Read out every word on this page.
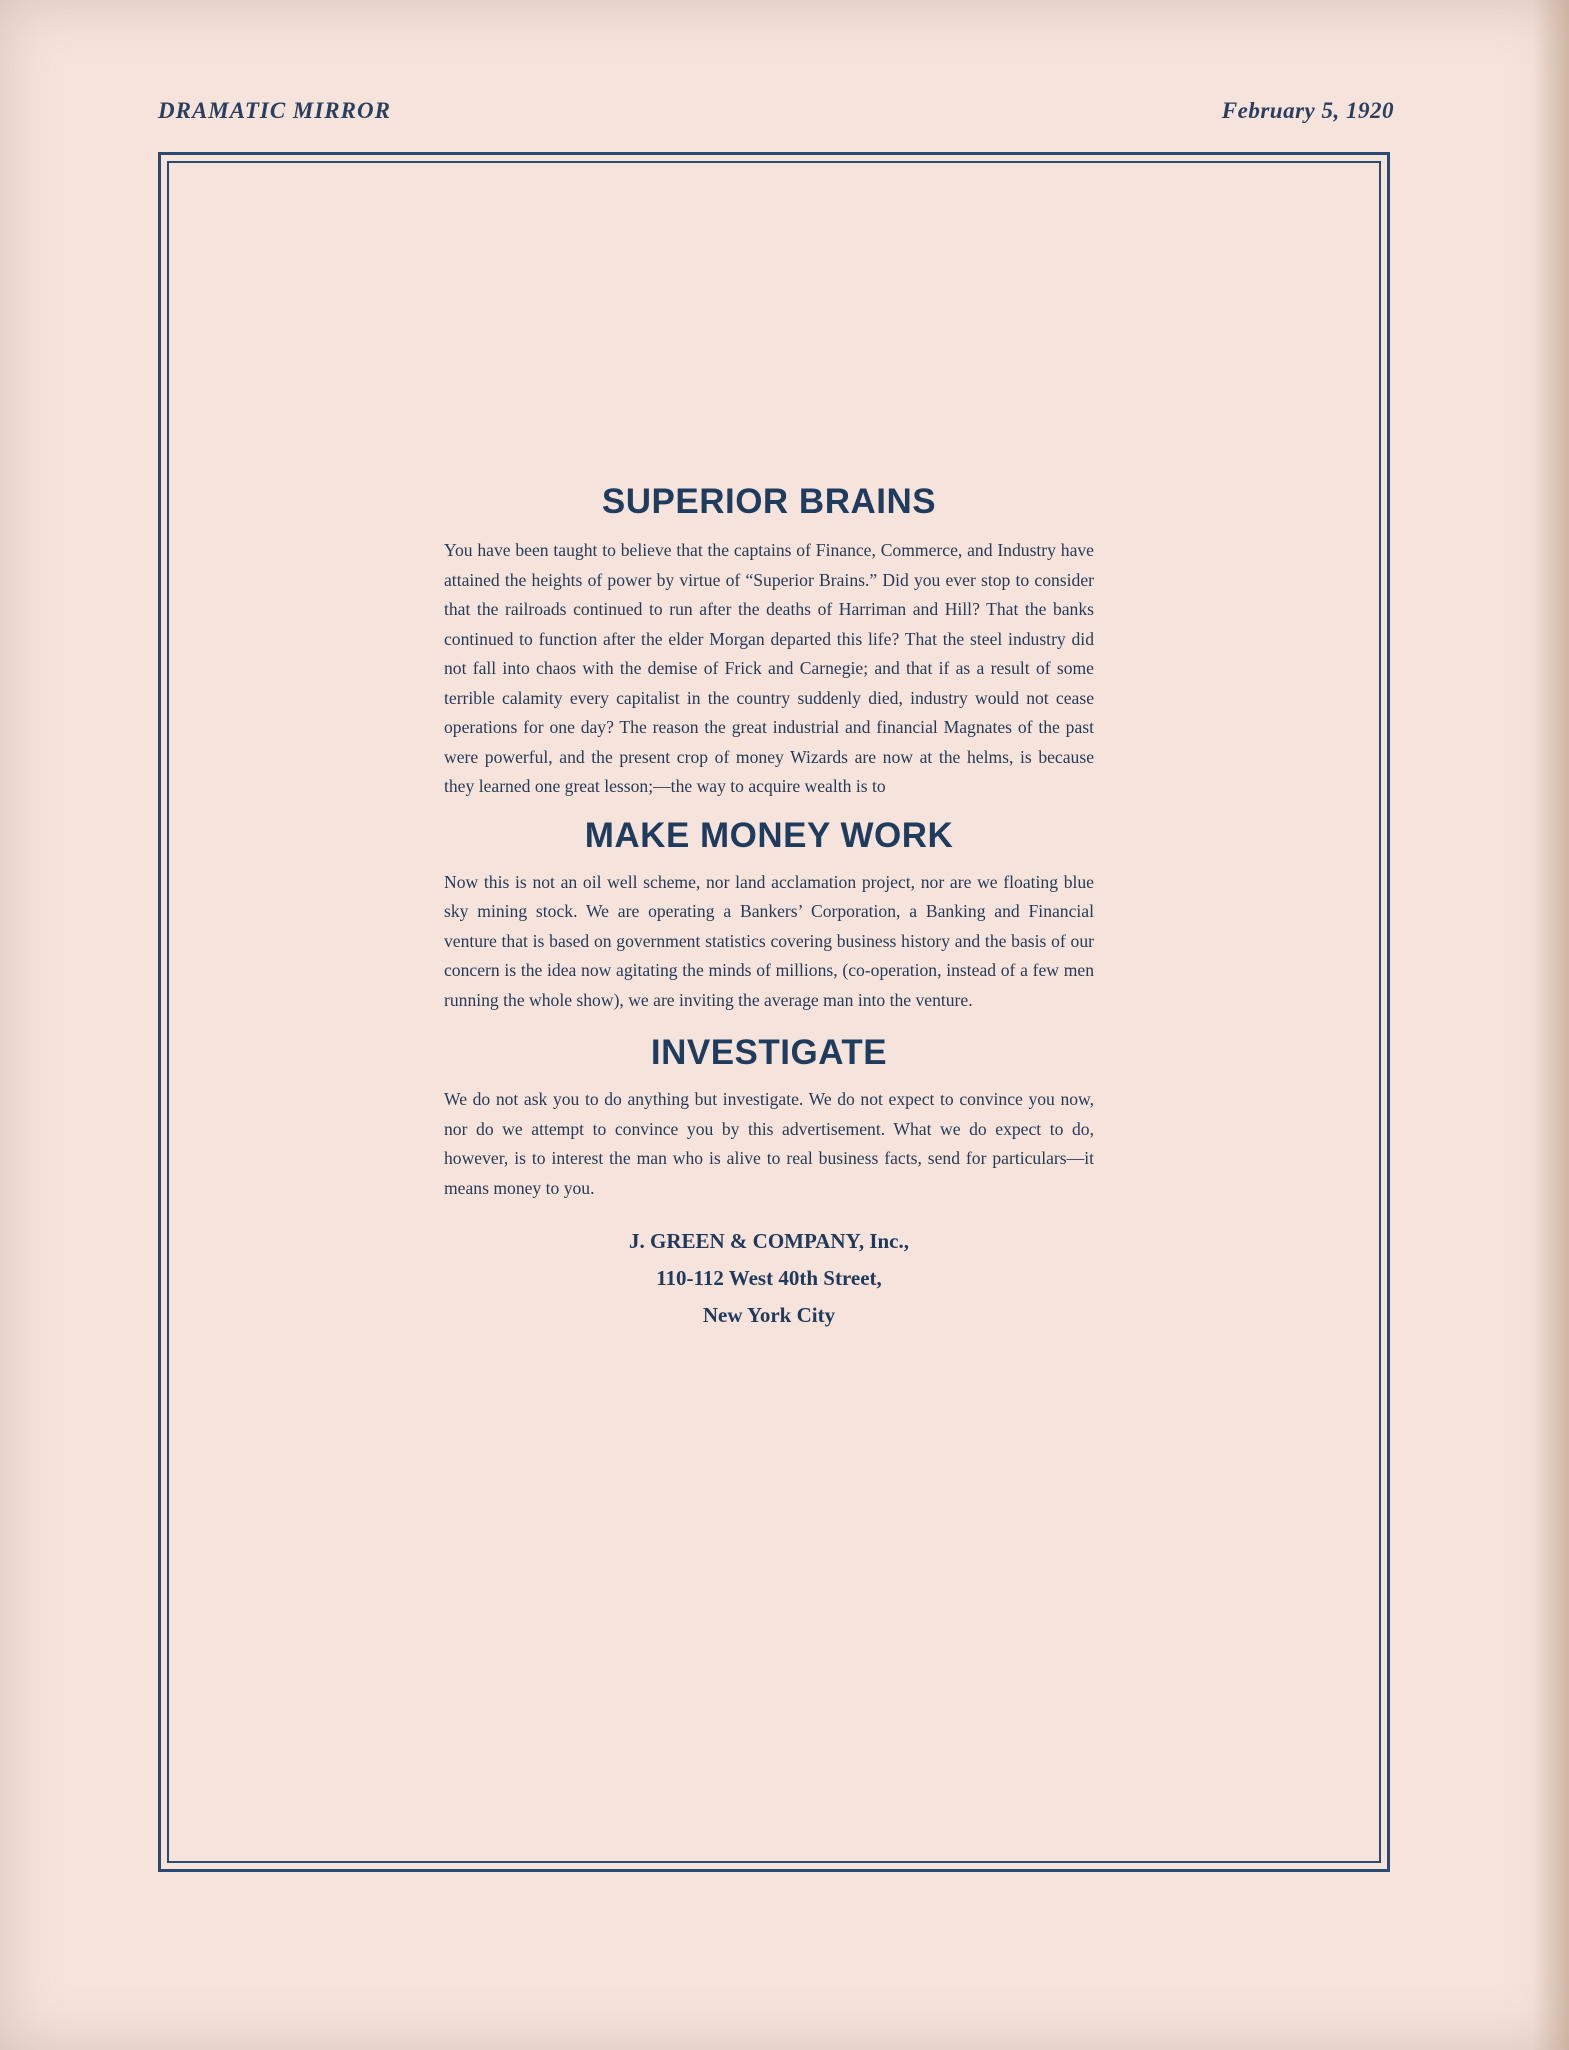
DRAMATIC MIRROR	February 5, 1920
SUPERIOR BRAINS

You have been taught to believe that the captains of Finance, Commerce, and Industry have attained the heights of power by virtue of “Superior Brains.” Did you ever stop to consider that the railroads continued to run after the deaths of Harriman and Hill? That the banks continued to function after the elder Morgan departed this life? That the steel industry did not fall into chaos with the demise of Frick and Carnegie; and that if as a result of some terrible calamity every capitalist in the country suddenly died, industry would not cease operations for one day? The reason the great industrial and financial Magnates of the past were powerful, and the present crop of money Wizards are now at the helms, is because they learned one great lesson;—the way to acquire wealth is to

MAKE MONEY WORK

Now this is not an oil well scheme, nor land acclamation project, nor are we floating blue sky mining stock. We are operating a Bankers’ Corporation, a Banking and Financial venture that is based on government statistics covering business history and the basis of our concern is the idea now agitating the minds of millions, (co-operation, instead of a few men running the whole show), we are inviting the average man into the venture.

INVESTIGATE

We do not ask you to do anything but investigate. We do not expect to convince you now, nor do we attempt to convince you by this advertisement. What we do expect to do, however, is to interest the man who is alive to real business facts, send for particulars—it means money to you.

J. GREEN & COMPANY, Inc.,
110-112 West 40th Street,
New York City
